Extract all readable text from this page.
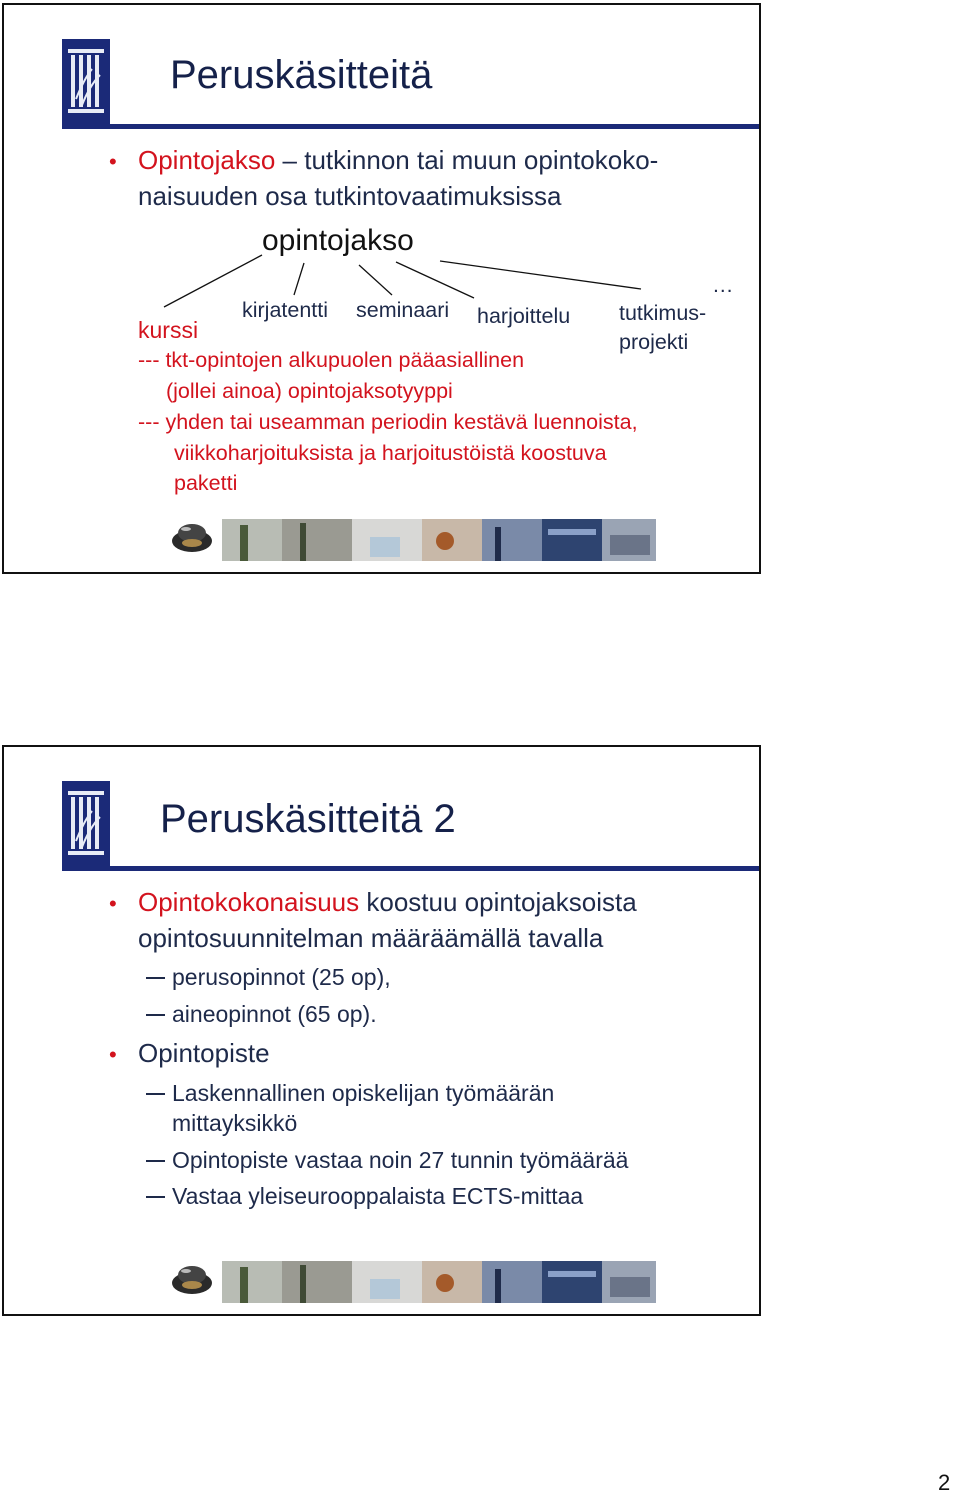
Peruskäsitteitä
• Opintojakso – tutkinnon tai muun opintokoko-
naisuuden osa tutkintovaatimuksissa
opintojakso
kirjatentti seminaari harjoittelu
…
tutkimus-
projekti
kurssi
--- tkt-opintojen alkupuolen pääasiallinen
(jollei ainoa) opintojaksotyyppi
--- yhden tai useamman periodin kestävä luennoista,
viikkoharjoituksista ja harjoitustöistä koostuva
paketti
Peruskäsitteitä 2
• Opintokokonaisuus koostuu opintojaksoista
opintosuunnitelman määräämällä tavalla
perusopinnot (25 op),
aineopinnot (65 op).
• Opintopiste
Laskennallinen opiskelijan työmäärän
mittayksikkö
Opintopiste vastaa noin 27 tunnin työmäärää
Vastaa yleiseurooppalaista ECTS-mittaa
2
